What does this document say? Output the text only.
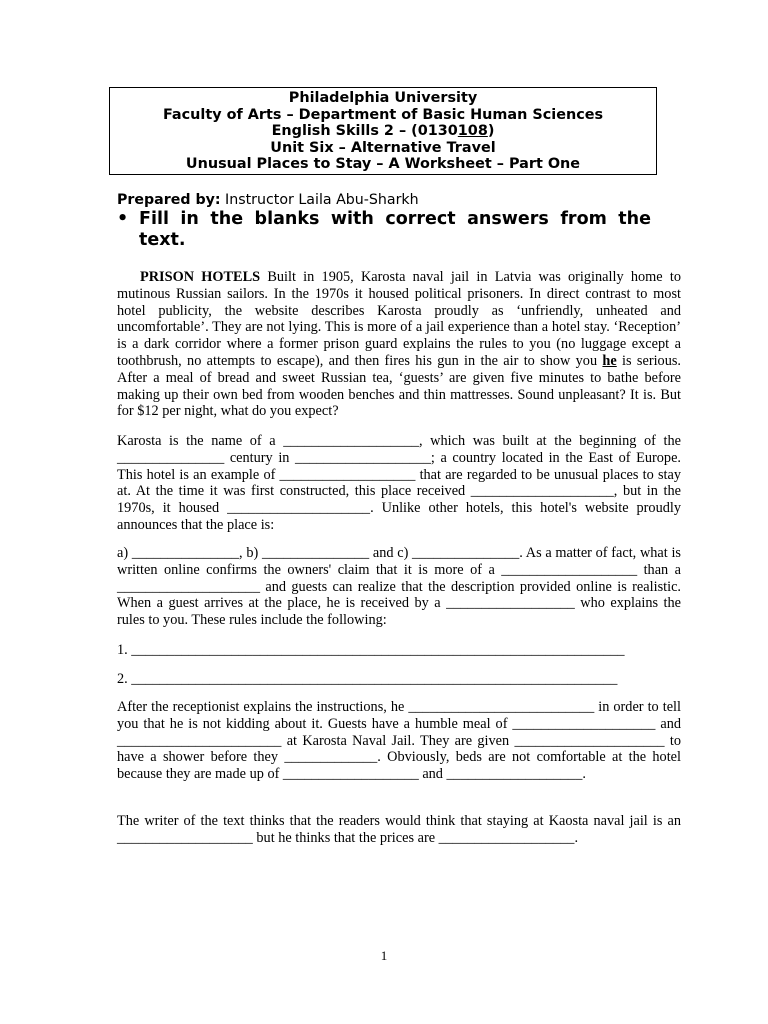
Philadelphia University
Faculty of Arts – Department of Basic Human Sciences
English Skills 2 – (0130108)
Unit Six – Alternative Travel
Unusual Places to Stay – A Worksheet – Part One
Prepared by: Instructor Laila Abu-Sharkh
• Fill in the blanks with correct answers from the text.
PRISON HOTELS Built in 1905, Karosta naval jail in Latvia was originally home to mutinous Russian sailors. In the 1970s it housed political prisoners. In direct contrast to most hotel publicity, the website describes Karosta proudly as ‘unfriendly, unheated and uncomfortable’. They are not lying. This is more of a jail experience than a hotel stay. ‘Reception’ is a dark corridor where a former prison guard explains the rules to you (no luggage except a toothbrush, no attempts to escape), and then fires his gun in the air to show you he is serious. After a meal of bread and sweet Russian tea, ‘guests’ are given five minutes to bathe before making up their own bed from wooden benches and thin mattresses. Sound unpleasant? It is. But for $12 per night, what do you expect?
Karosta is the name of a ___________________, which was built at the beginning of the _______________ century in ___________________; a country located in the East of Europe. This hotel is an example of ___________________ that are regarded to be unusual places to stay at. At the time it was first constructed, this place received ____________________, but in the 1970s, it housed ____________________. Unlike other hotels, this hotel's website proudly announces that the place is:
a) _______________, b) _______________ and c) _______________. As a matter of fact, what is written online confirms the owners' claim that it is more of a ___________________ than a ____________________ and guests can realize that the description provided online is realistic. When a guest arrives at the place, he is received by a __________________ who explains the rules to you. These rules include the following:
1. _____________________________________________________________________
2. ____________________________________________________________________
After the receptionist explains the instructions, he __________________________ in order to tell you that he is not kidding about it. Guests have a humble meal of ____________________ and _______________________ at Karosta Naval Jail. They are given _____________________ to have a shower before they _____________. Obviously, beds are not comfortable at the hotel because they are made up of ___________________ and ___________________.
The writer of the text thinks that the readers would think that staying at Kaosta naval jail is an ___________________ but he thinks that the prices are ___________________.
1
